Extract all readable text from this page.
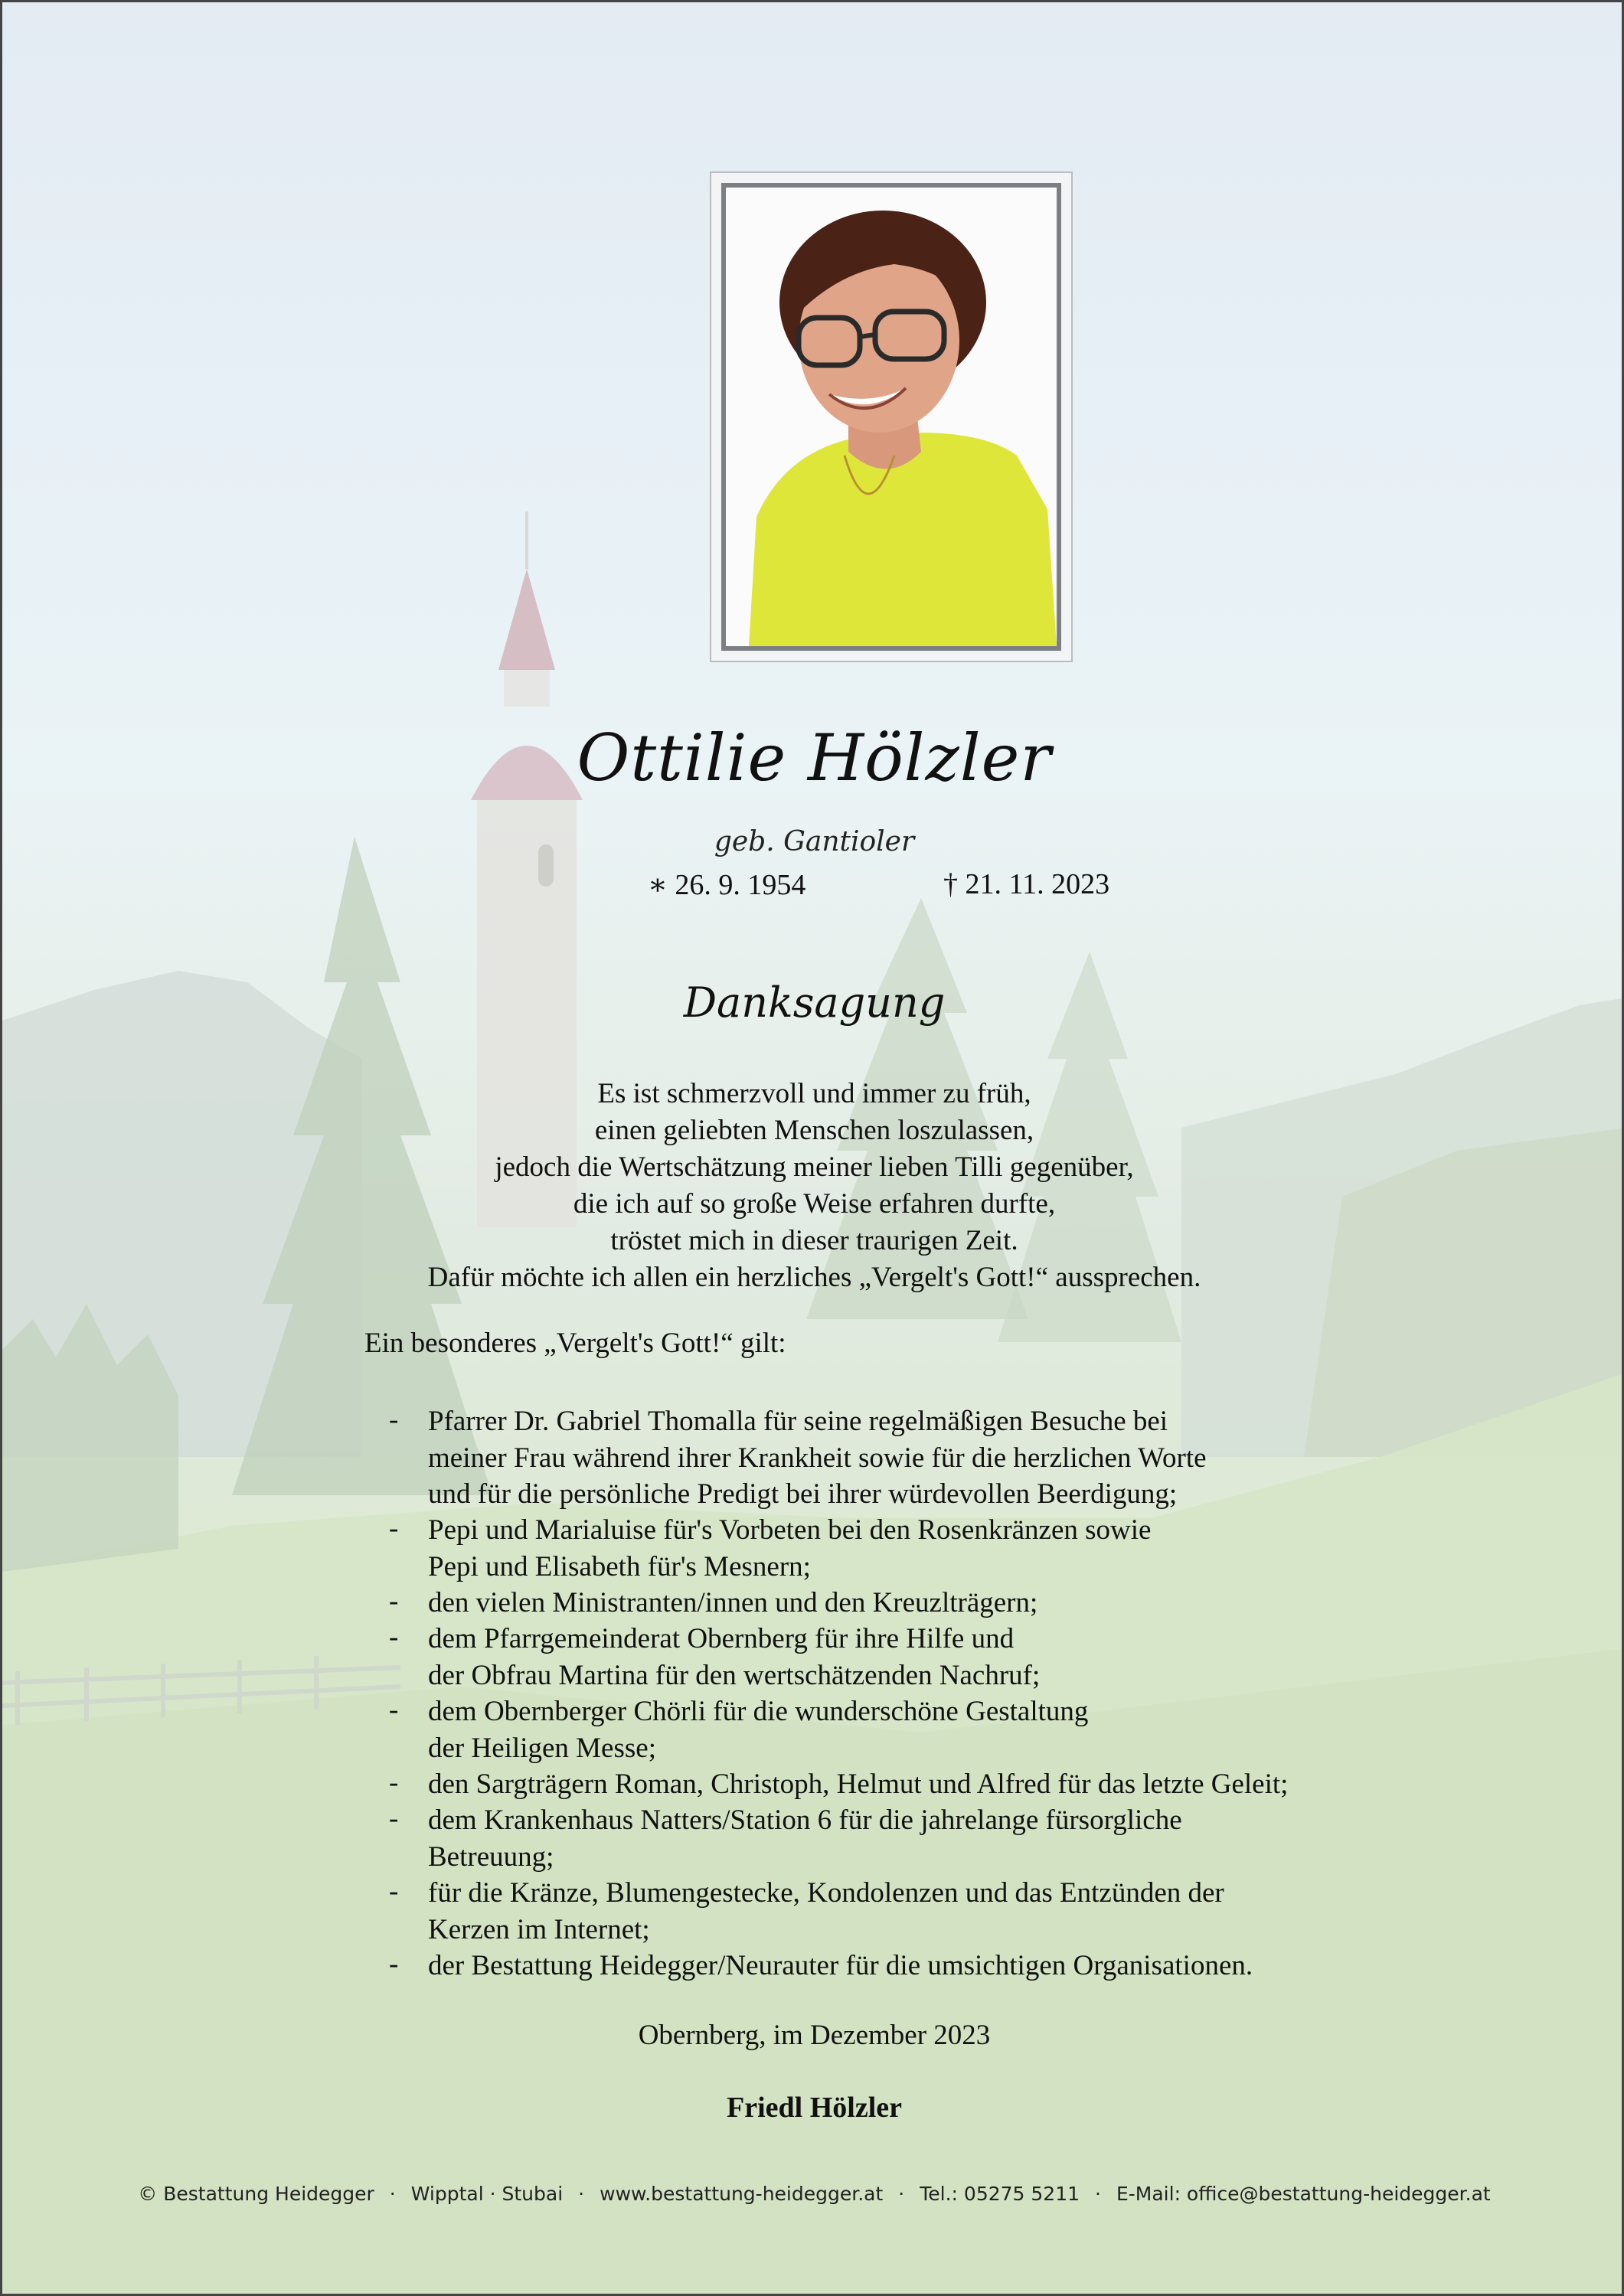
Ottilie Hölzler
geb. Gantioler
∗ 26. 9. 1954	† 21. 11. 2023
Danksagung
Es ist schmerzvoll und immer zu früh,
einen geliebten Menschen loszulassen,
jedoch die Wertschätzung meiner lieben Tilli gegenüber,
die ich auf so große Weise erfahren durfte,
tröstet mich in dieser traurigen Zeit.
Dafür möchte ich allen ein herzliches „Vergelt's Gott!“ aussprechen.
Ein besonderes „Vergelt's Gott!“ gilt:
-	Pfarrer Dr. Gabriel Thomalla für seine regelmäßigen Besuche bei
meiner Frau während ihrer Krankheit sowie für die herzlichen Worte
und für die persönliche Predigt bei ihrer würdevollen Beerdigung;
-	Pepi und Marialuise für's Vorbeten bei den Rosenkränzen sowie
Pepi und Elisabeth für's Mesnern;
-	den vielen Ministranten/innen und den Kreuzlträgern;
-	dem Pfarrgemeinderat Obernberg für ihre Hilfe und
der Obfrau Martina für den wertschätzenden Nachruf;
-	dem Obernberger Chörli für die wunderschöne Gestaltung
der Heiligen Messe;
-	den Sargträgern Roman, Christoph, Helmut und Alfred für das letzte Geleit;
-	dem Krankenhaus Natters/Station 6 für die jahrelange fürsorgliche
Betreuung;
-	für die Kränze, Blumengestecke, Kondolenzen und das Entzünden der
Kerzen im Internet;
-	der Bestattung Heidegger/Neurauter für die umsichtigen Organisationen.
Obernberg, im Dezember 2023
Friedl Hölzler
© Bestattung Heidegger · Wipptal · Stubai · www.bestattung-heidegger.at · Tel.: 05275 5211 · E-Mail: office@bestattung-heidegger.at
